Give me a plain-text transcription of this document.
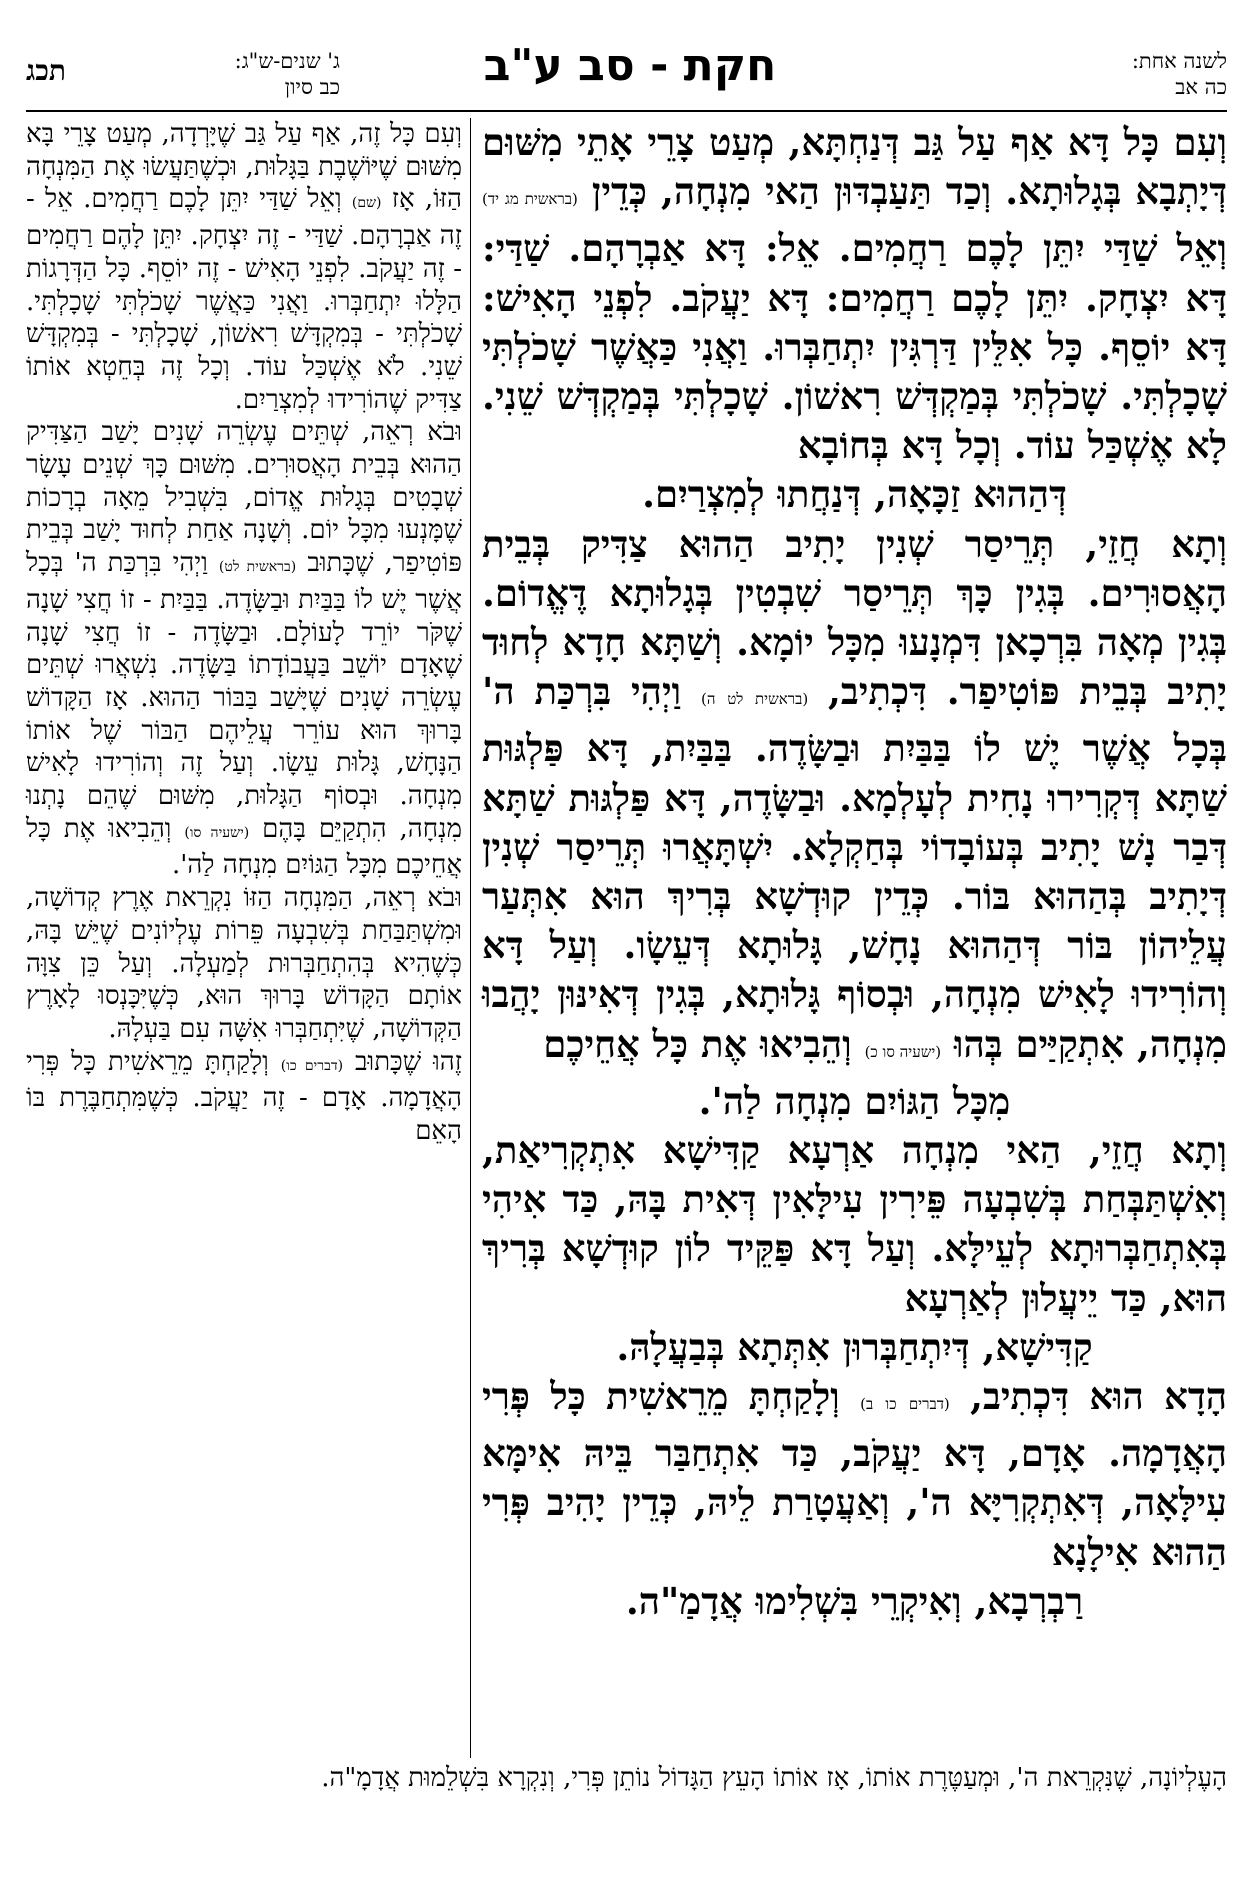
לשנה אחת:
כה אב
חקת - סב ע"ב
ג' שנים-ש"ג:
כב סיון
תכג

וְעִם כָּל דָּא אַף עַל גַּב דְּנַחְתָּא, מְעַט צָרֵי אָתֵי מִשּׁוּם דְּיָתְבָא בְּגָלוּתָא. וְכַד תַּעַבְדּוּן הַאי מִנְחָה, כְּדֵין (בראשית מג יד) וְאֵל שַׁדַּי יִתֵּן לָכֶם רַחֲמִים. אֵל: דָּא אַבְרָהָם. שַׁדַּי: דָּא יִצְחָק. יִתֵּן לָכֶם רַחֲמִים: דָּא יַעֲקֹב. לִפְנֵי הָאִישׁ: דָּא יוֹסֵף. כָּל אִלֵּין דַּרְגִּין יִתְחַבְּרוּ. וַאֲנִי כַּאֲשֶׁר שָׁכֹלְתִּי שָׁכָלְתִּי. שָׁכֹלְתִּי בְּמַקְדְּשׁ רִאשׁוֹן. שָׁכָלְתִּי בְּמַקְדְּשׁ שֵׁנִי. לָא אֶשְׁכַּל עוֹד. וְכָל דָּא בְּחוֹבָא

דְּהַהוּא זַכָּאָה, דְּנַחֲתוּ לְמִצְרַיִם.

וְתָא חֲזֵי, תְּרֵיסַר שְׁנִין יָתִיב הַהוּא צַדִּיק בְּבֵית הָאֲסוּרִים. בְּגִין כָּךְ תְּרֵיסַר שִׁבְטִין בְּגָלוּתָא דֶּאֱדוֹם. בְּגִין מְאָה בִּרְכָאן דִּמְנָעוּ מִכָּל יוֹמָא. וְשַׁתָּא חָדָא לְחוּד יָתִיב בְּבֵית פּוֹטִיפַר. דִּכְתִיב, (בראשית לט ה) וַיְהִי בִּרְכַּת ה' בְּכָל אֲשֶׁר יֶשׁ לוֹ בַּבַּיִת וּבַשָּׂדֶה. בַּבַּיִת, דָּא פַּלְגּוּת שַׁתָּא דְּקְרִירוּ נָחִית לְעָלְמָא. וּבַשָּׂדֶה, דָּא פַּלְגּוּת שַׁתָּא דְּבַר נָשׁ יָתִיב בְּעוֹבָדוֹי בְּחַקְלָא. יִשְׁתָּאֲרוּ תְּרֵיסַר שְׁנִין דְּיָתִיב בְּהַהוּא בּוֹר. כְּדֵין קוּדְשָׁא בְּרִיךְ הוּא אִתְּעַר עֲלֵיהוֹן בּוֹר דְּהַהוּא נָחָשׁ, גָּלוּתָא דְּעֵשָׂו. וְעַל דָּא וְהוֹרִידוּ לָאִישׁ מִנְחָה, וּבְסוֹף גָּלוּתָא, בְּגִין דְּאִינּוּן יָהֲבוּ מִנְחָה, אִתְקַיַּים בְּהוּ (ישעיה סו כ) וְהֵבִיאוּ אֶת כָּל אֲחֵיכֶם

מִכָּל הַגּוֹיִם מִנְחָה לַה'.

וְתָא חֲזֵי, הַאי מִנְחָה אַרְעָא קַדִּישָׁא אִתְקְרִיאַת, וְאִשְׁתַּבְּחַת בְּשִׁבְעָה פֵּירִין עִילָּאִין דְּאִית בָּהּ, כַּד אִיהִי בְּאִתְחַבְּרוּתָא לְעֵילָּא. וְעַל דָּא פַּקֵּיד לוֹן קוּדְשָׁא בְּרִיךְ הוּא, כַּד יֵיעֲלוּן לְאַרְעָא

קַדִּישָׁא, דְּיִתְחַבְּרוּן אִתְּתָא בְּבַעֲלָהּ.

הָדָא הוּא דִּכְתִיב, (דברים כו ב) וְלָקַחְתָּ מֵרֵאשִׁית כָּל פְּרִי הָאֲדָמָה. אָדָם, דָּא יַעֲקֹב, כַּד אִתְחַבַּר בֵּיהּ אִימָּא עִילָּאָה, דְּאִתְקְרִיָּא ה', וְאַעֲטָרַת לֵיהּ, כְּדֵין יָהִיב פְּרִי הַהוּא אִילָנָא

רַבְרְבָא, וְאִיקְרֵי בִּשְׁלִימוּ אֲדָמַ"ה.

וְעִם כָּל זֶה, אַף עַל גַּב שֶׁיָּרְדָה, מְעַט צָרֵי בָּא מִשּׁוּם שֶׁיּוֹשֶׁבֶת בַּגָּלוּת, וּכְשֶׁתַּעֲשׂוּ אֶת הַמִּנְחָה הַזּוֹ, אָז (שם) וְאֵל שַׁדַּי יִתֵּן לָכֶם רַחֲמִים. אֵל - זֶה אַבְרָהָם. שַׁדַּי - זֶה יִצְחָק. יִתֵּן לָהֶם רַחֲמִים - זֶה יַעֲקֹב. לִפְנֵי הָאִישׁ - זֶה יוֹסֵף. כָּל הַדְּרָגוֹת הַלָּלוּ יִתְחַבְּרוּ. וַאֲנִי כַּאֲשֶׁר שָׁכֹלְתִּי שָׁכָלְתִּי. שָׁכֹלְתִּי - בְּמִקְדָּשׁ רִאשׁוֹן, שָׁכָלְתִּי - בְּמִקְדָּשׁ שֵׁנִי. לֹא אֶשְׁכַּל עוֹד. וְכָל זֶה בְּחֵטְא אוֹתוֹ צַדִּיק שֶׁהוֹרִידוּ לְמִצְרַיִם.

וּבֹא רְאֵה, שְׁתֵּים עֶשְׂרֵה שָׁנִים יָשַׁב הַצַּדִּיק הַהוּא בְּבֵית הָאֲסוּרִים. מִשּׁוּם כָּךְ שְׁנֵים עָשָׂר שְׁבָטִים בְּגָלוּת אֱדוֹם, בִּשְׁבִיל מֵאָה בְרָכוֹת שֶׁמָּנְעוּ מִכָּל יוֹם. וְשָׁנָה אַחַת לְחוּד יָשַׁב בְּבֵית פּוֹטִיפַר, שֶׁכָּתוּב (בראשית לט) וַיְהִי בִּרְכַּת ה' בְּכָל אֲשֶׁר יֶשׁ לוֹ בַּבַּיִת וּבַשָּׂדֶה. בַּבַּיִת - זוֹ חֲצִי שָׁנָה שֶׁקֹּר יוֹרֵד לָעוֹלָם. וּבַשָּׂדֶה - זוֹ חֲצִי שָׁנָה שֶׁאָדָם יוֹשֵׁב בַּעֲבוֹדָתוֹ בַּשָּׂדֶה. נִשְׁאֲרוּ שְׁתֵּים עֶשְׂרֵה שָׁנִים שֶׁיָּשַׁב בַּבּוֹר הַהוּא. אָז הַקָּדוֹשׁ בָּרוּךְ הוּא עוֹרֵר עֲלֵיהֶם הַבּוֹר שֶׁל אוֹתוֹ הַנָּחָשׁ, גָּלוּת עֵשָׂו. וְעַל זֶה וְהוֹרִידוּ לָאִישׁ מִנְחָה. וּבְסוֹף הַגָּלוּת, מִשּׁוּם שֶׁהֵם נָתְנוּ מִנְחָה, הִתְקַיֵּם בָּהֶם (ישעיה סו) וְהֵבִיאוּ אֶת כָּל אֲחֵיכֶם מִכָּל הַגּוֹיִם מִנְחָה לַה'.

וּבֹא רְאֵה, הַמִּנְחָה הַזּוֹ נִקְרֵאת אֶרֶץ קְדוֹשָׁה, וּמִשְׁתַּבַּחַת בְּשִׁבְעָה פֵּרוֹת עֶלְיוֹנִים שֶׁיֵּשׁ בָּהּ, כְּשֶׁהִיא בְּהִתְחַבְּרוּת לְמַעְלָה. וְעַל כֵּן צִוָּה אוֹתָם הַקָּדוֹשׁ בָּרוּךְ הוּא, כְּשֶׁיִּכָּנְסוּ לָאָרֶץ הַקְּדוֹשָׁה, שֶׁיִּתְחַבְּרוּ אִשָּׁה עִם בַּעְלָהּ.

זֶהוּ שֶׁכָּתוּב (דברים כו) וְלָקַחְתָּ מֵרֵאשִׁית כָּל פְּרִי הָאֲדָמָה. אָדָם - זֶה יַעֲקֹב. כְּשֶׁמִּתְחַבֶּרֶת בּוֹ הָאֵם

הָעֶלְיוֹנָה, שֶׁנִּקְרֵאת ה', וּמְעַטֶּרֶת אוֹתוֹ, אָז אוֹתוֹ הָעֵץ הַגָּדוֹל נוֹתֵן פְּרִי, וְנִקְרָא בִּשְׁלֵמוּת אֲדָמָ"ה.
